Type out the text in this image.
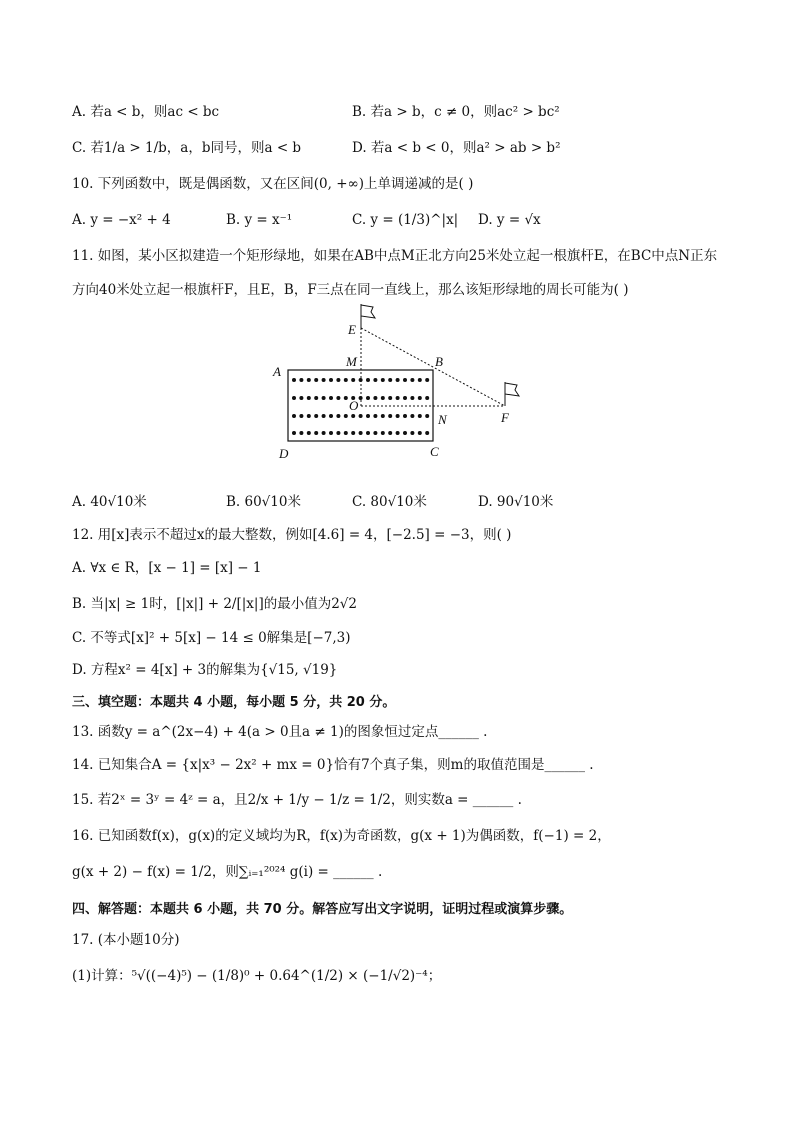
A. 若a < b，则ac < bc	B. 若a > b，c ≠ 0，则ac² > bc²
C. 若1/a > 1/b，a，b同号，则a < b	D. 若a < b < 0，则a² > ab > b²
10. 下列函数中，既是偶函数，又在区间(0, +∞)上单调递减的是( )
A. y = −x² + 4	B. y = x⁻¹	C. y = (1/3)^|x| D. y = √x
11. 如图，某小区拟建造一个矩形绿地，如果在AB中点M正北方向25米处立起一根旗杆E，在BC中点N正东
方向40米处立起一根旗杆F，且E，B，F三点在同一直线上，那么该矩形绿地的周长可能为( )
A
B
C
D
E
F
M
N
O
A. 40√10米	B. 60√10米	C. 80√10米	D. 90√10米
12. 用[x]表示不超过x的最大整数，例如[4.6] = 4，[−2.5] = −3，则( )
A. ∀x ∈ R，[x − 1] = [x] − 1
B. 当|x| ≥ 1时，[|x|] + 2/[|x|]的最小值为2√2
C. 不等式[x]² + 5[x] − 14 ≤ 0解集是[−7,3)
D. 方程x² = 4[x] + 3的解集为{√15, √19}
三、填空题：本题共 4 小题，每小题 5 分，共 20 分。
13. 函数y = a^(2x−4) + 4(a > 0且a ≠ 1)的图象恒过定点______ .
14. 已知集合A = {x|x³ − 2x² + mx = 0}恰有7个真子集，则m的取值范围是______ .
15. 若2ˣ = 3ʸ = 4ᶻ = a，且2/x + 1/y − 1/z = 1/2，则实数a = ______ .
16. 已知函数f(x)，g(x)的定义域均为R，f(x)为奇函数，g(x + 1)为偶函数，f(−1) = 2，
g(x + 2) − f(x) = 1/2，则∑ᵢ₌₁²⁰²⁴ g(i) = ______ .
四、解答题：本题共 6 小题，共 70 分。解答应写出文字说明，证明过程或演算步骤。
17. (本小题10分)
(1)计算：⁵√((−4)⁵) − (1/8)⁰ + 0.64^(1/2) × (−1/√2)⁻⁴；
